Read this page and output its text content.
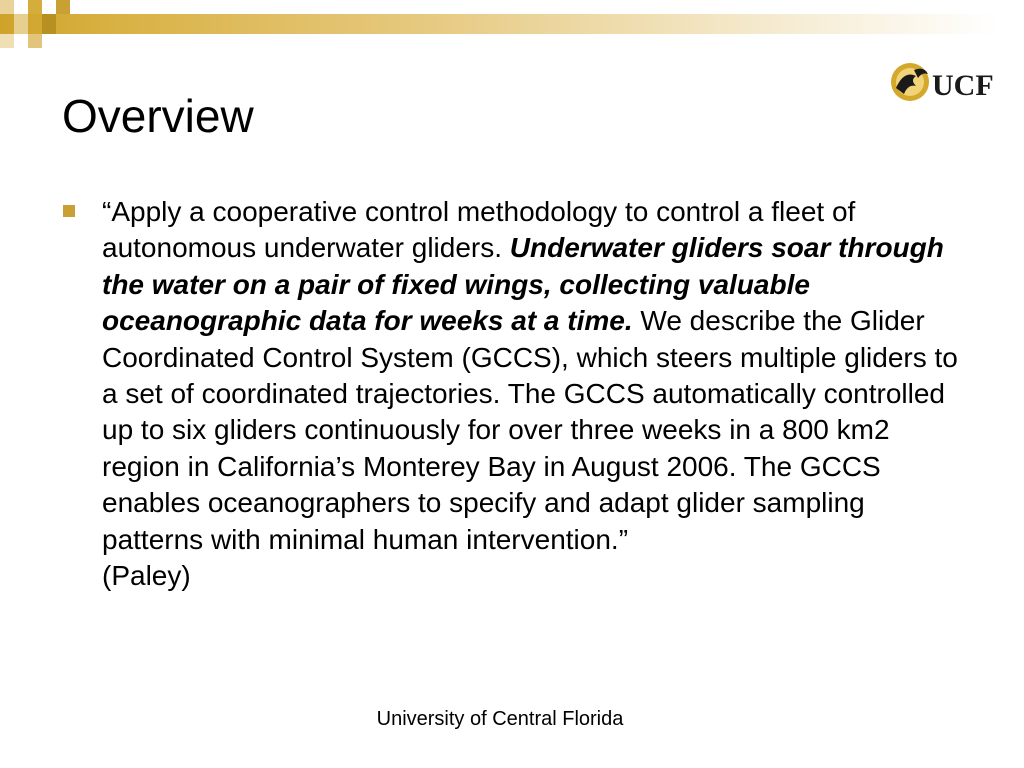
UCF
Overview
“Apply a cooperative control methodology to control a fleet of autonomous underwater gliders. Underwater gliders soar through the water on a pair of fixed wings, collecting valuable oceanographic data for weeks at a time. We describe the Glider Coordinated Control System (GCCS), which steers multiple gliders to a set of coordinated trajectories. The GCCS automatically controlled up to six gliders continuously for over three weeks in a 800 km2 region in California’s Monterey Bay in August 2006. The GCCS enables oceanographers to specify and adapt glider sampling patterns with minimal human intervention.”
(Paley)
University of Central Florida
